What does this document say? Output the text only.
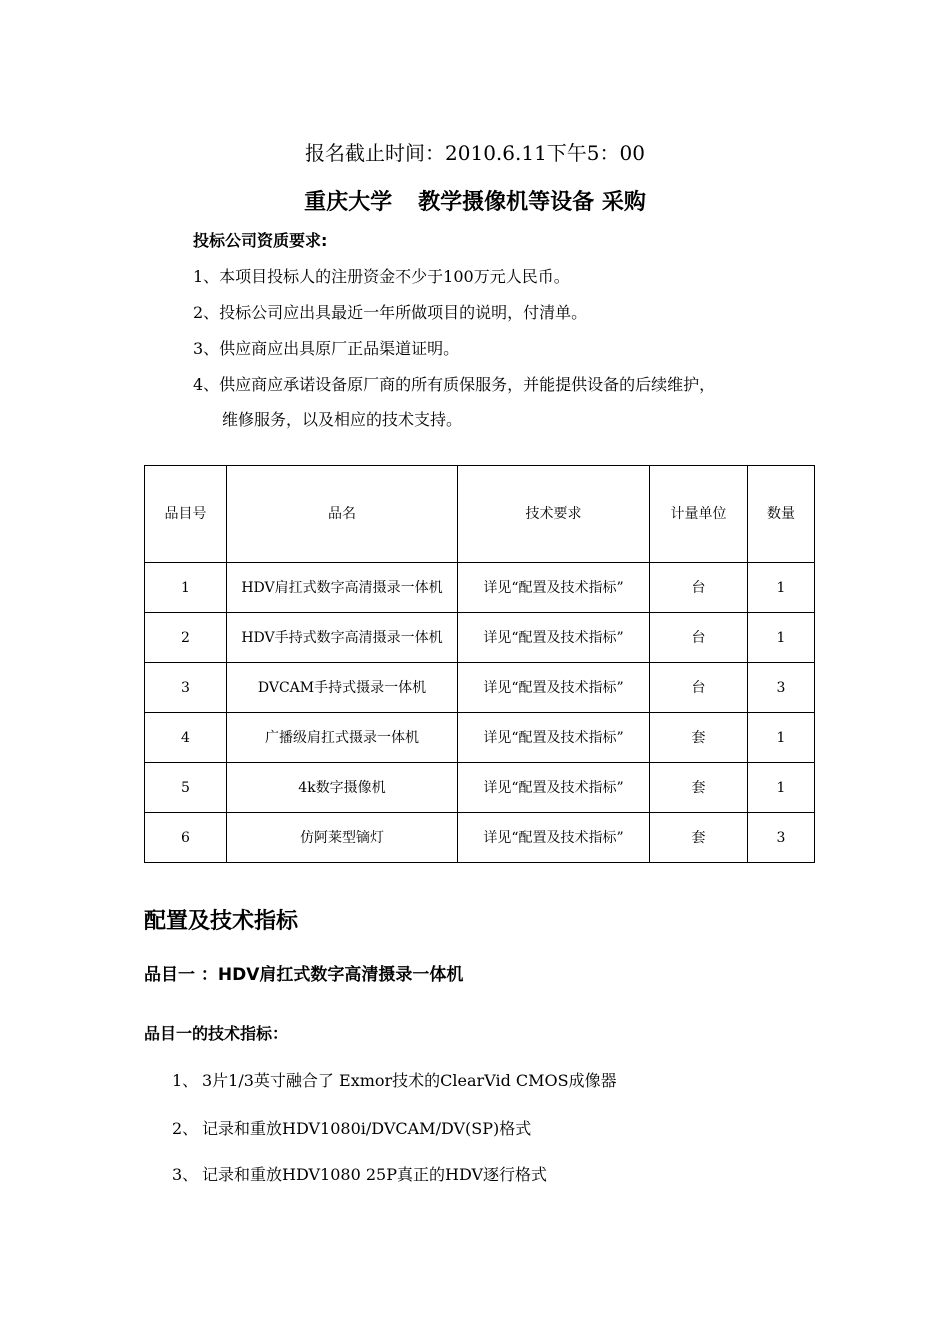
报名截止时间：2010.6.11下午5：00
重庆大学 教学摄像机等设备 采购
投标公司资质要求:
1、本项目投标人的注册资金不少于100万元人民币。
2、投标公司应出具最近一年所做项目的说明，付清单。
3、供应商应出具原厂正品渠道证明。
4、供应商应承诺设备原厂商的所有质保服务，并能提供设备的后续维护，
维修服务，以及相应的技术支持。
品目号	品名	技术要求	计量单位	数量
1	HDV肩扛式数字高清摄录一体机	详见“配置及技术指标”	台	1
2	HDV手持式数字高清摄录一体机	详见“配置及技术指标”	台	1
3	DVCAM手持式摄录一体机	详见“配置及技术指标”	台	3
4	广播级肩扛式摄录一体机	详见“配置及技术指标”	套	1
5	4k数字摄像机	详见“配置及技术指标”	套	1
6	仿阿莱型镝灯	详见“配置及技术指标”	套	3
配置及技术指标
品目一 ：HDV肩扛式数字高清摄录一体机
品目一的技术指标：
1、 3片1/3英寸融合了 Exmor技术的ClearVid CMOS成像器
2、 记录和重放HDV1080i/DVCAM/DV(SP)格式
3、 记录和重放HDV1080 25P真正的HDV逐行格式
